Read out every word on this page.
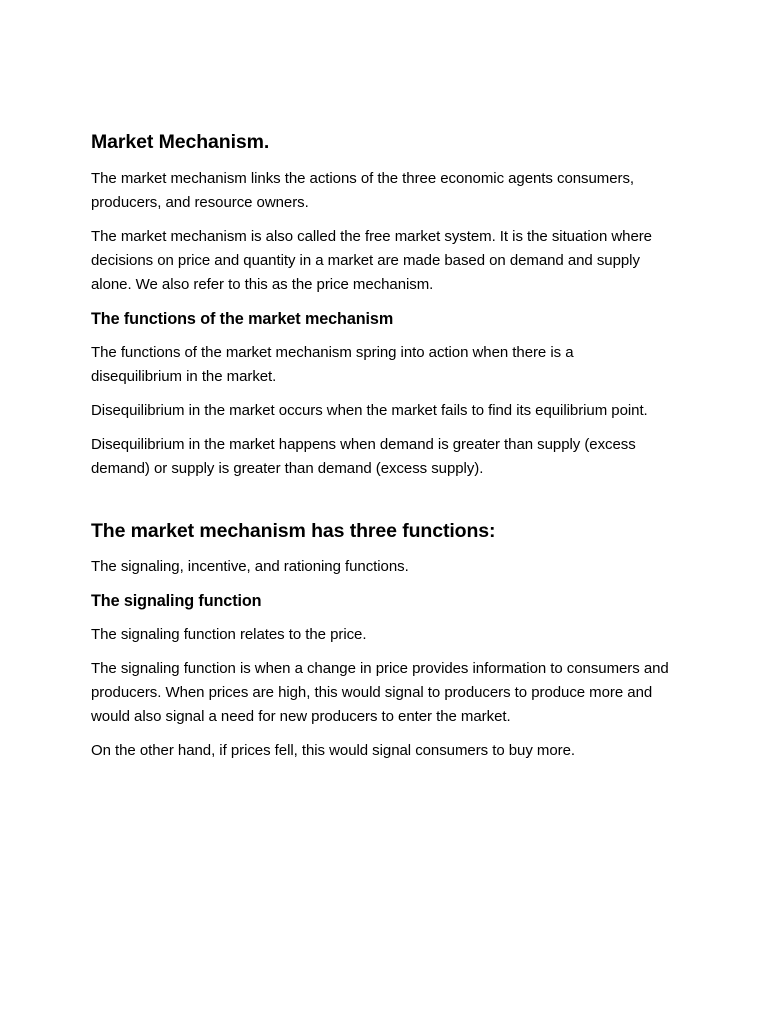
Market Mechanism.

The market mechanism links the actions of the three economic agents consumers, producers, and resource owners.

The market mechanism is also called the free market system. It is the situation where decisions on price and quantity in a market are made based on demand and supply alone. We also refer to this as the price mechanism.

The functions of the market mechanism

The functions of the market mechanism spring into action when there is a disequilibrium in the market.

Disequilibrium in the market occurs when the market fails to find its equilibrium point.

Disequilibrium in the market happens when demand is greater than supply (excess demand) or supply is greater than demand (excess supply).

The market mechanism has three functions:

The signaling, incentive, and rationing functions.

The signaling function

The signaling function relates to the price.

The signaling function is when a change in price provides information to consumers and producers. When prices are high, this would signal to producers to produce more and would also signal a need for new producers to enter the market.

On the other hand, if prices fell, this would signal consumers to buy more.
